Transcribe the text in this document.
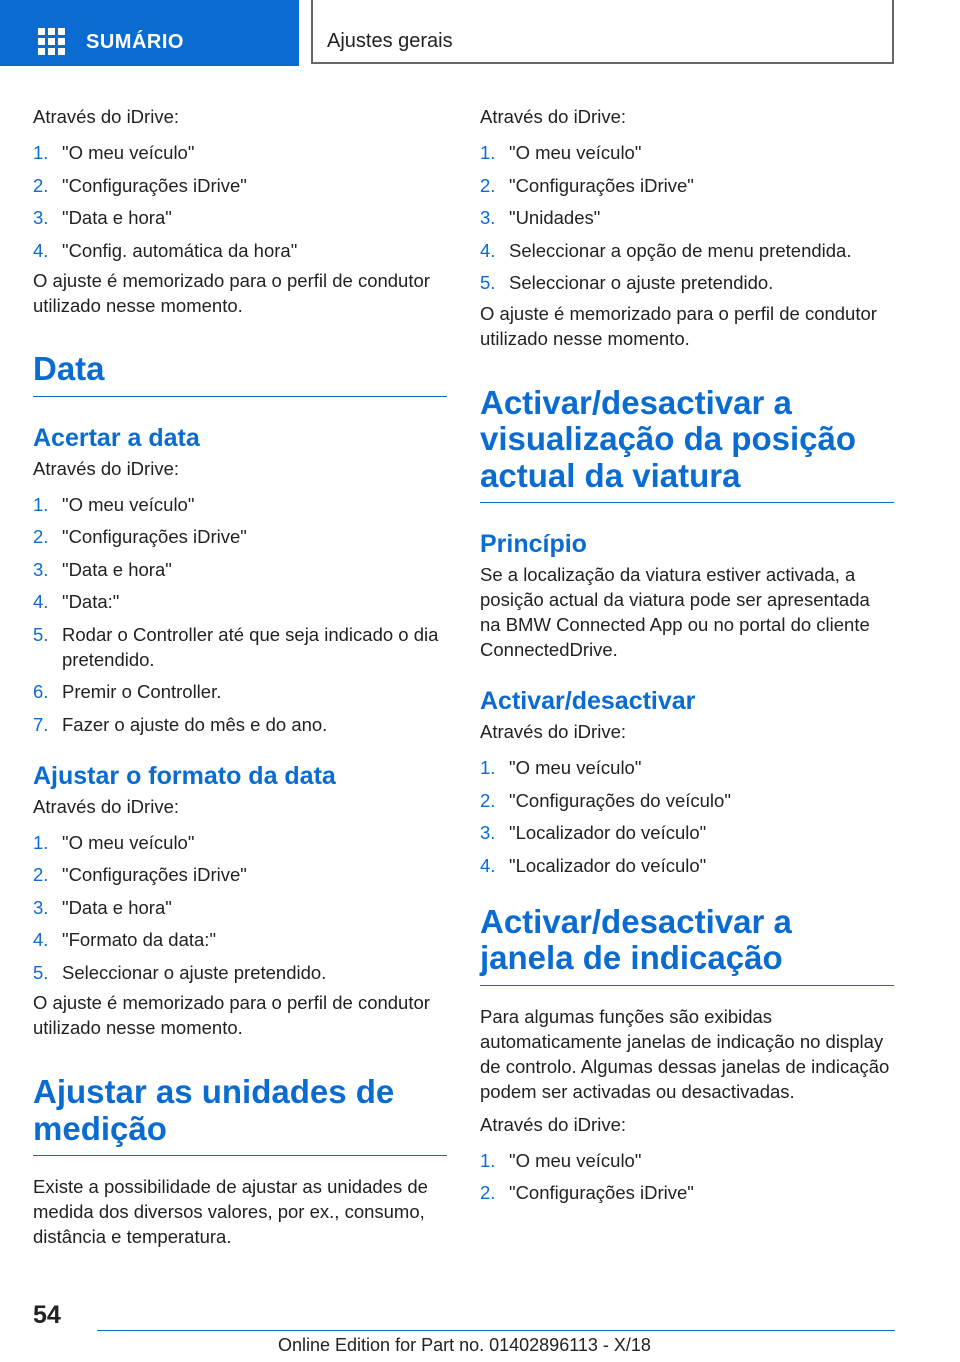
SUMÁRIO	Ajustes gerais

Através do iDrive:

1. "O meu veículo"
2. "Configurações iDrive"
3. "Data e hora"
4. "Config. automática da hora"

O ajuste é memorizado para o perfil de condutor utilizado nesse momento.

Data
Acertar a data

Através do iDrive:

1. "O meu veículo"
2. "Configurações iDrive"
3. "Data e hora"
4. "Data:"
5. Rodar o Controller até que seja indicado o dia pretendido.
6. Premir o Controller.
7. Fazer o ajuste do mês e do ano.
Ajustar o formato da data

Através do iDrive:

1. "O meu veículo"
2. "Configurações iDrive"
3. "Data e hora"
4. "Formato da data:"
5. Seleccionar o ajuste pretendido.

O ajuste é memorizado para o perfil de condutor utilizado nesse momento.

Ajustar as unidades de medição

Existe a possibilidade de ajustar as unidades de medida dos diversos valores, por ex., consumo, distância e temperatura.

Através do iDrive:

1. "O meu veículo"
2. "Configurações iDrive"
3. "Unidades"
4. Seleccionar a opção de menu pretendida.
5. Seleccionar o ajuste pretendido.

O ajuste é memorizado para o perfil de condutor utilizado nesse momento.

Activar/desactivar a visualização da posição actual da viatura
Princípio

Se a localização da viatura estiver activada, a posição actual da viatura pode ser apresentada na BMW Connected App ou no portal do cliente ConnectedDrive.

Activar/desactivar

Através do iDrive:

1. "O meu veículo"
2. "Configurações do veículo"
3. "Localizador do veículo"
4. "Localizador do veículo"
Activar/desactivar a janela de indicação

Para algumas funções são exibidas automaticamente janelas de indicação no display de controlo. Algumas dessas janelas de indicação podem ser activadas ou desactivadas.

Através do iDrive:

1. "O meu veículo"
2. "Configurações iDrive"
54
Online Edition for Part no. 01402896113 - X/18
